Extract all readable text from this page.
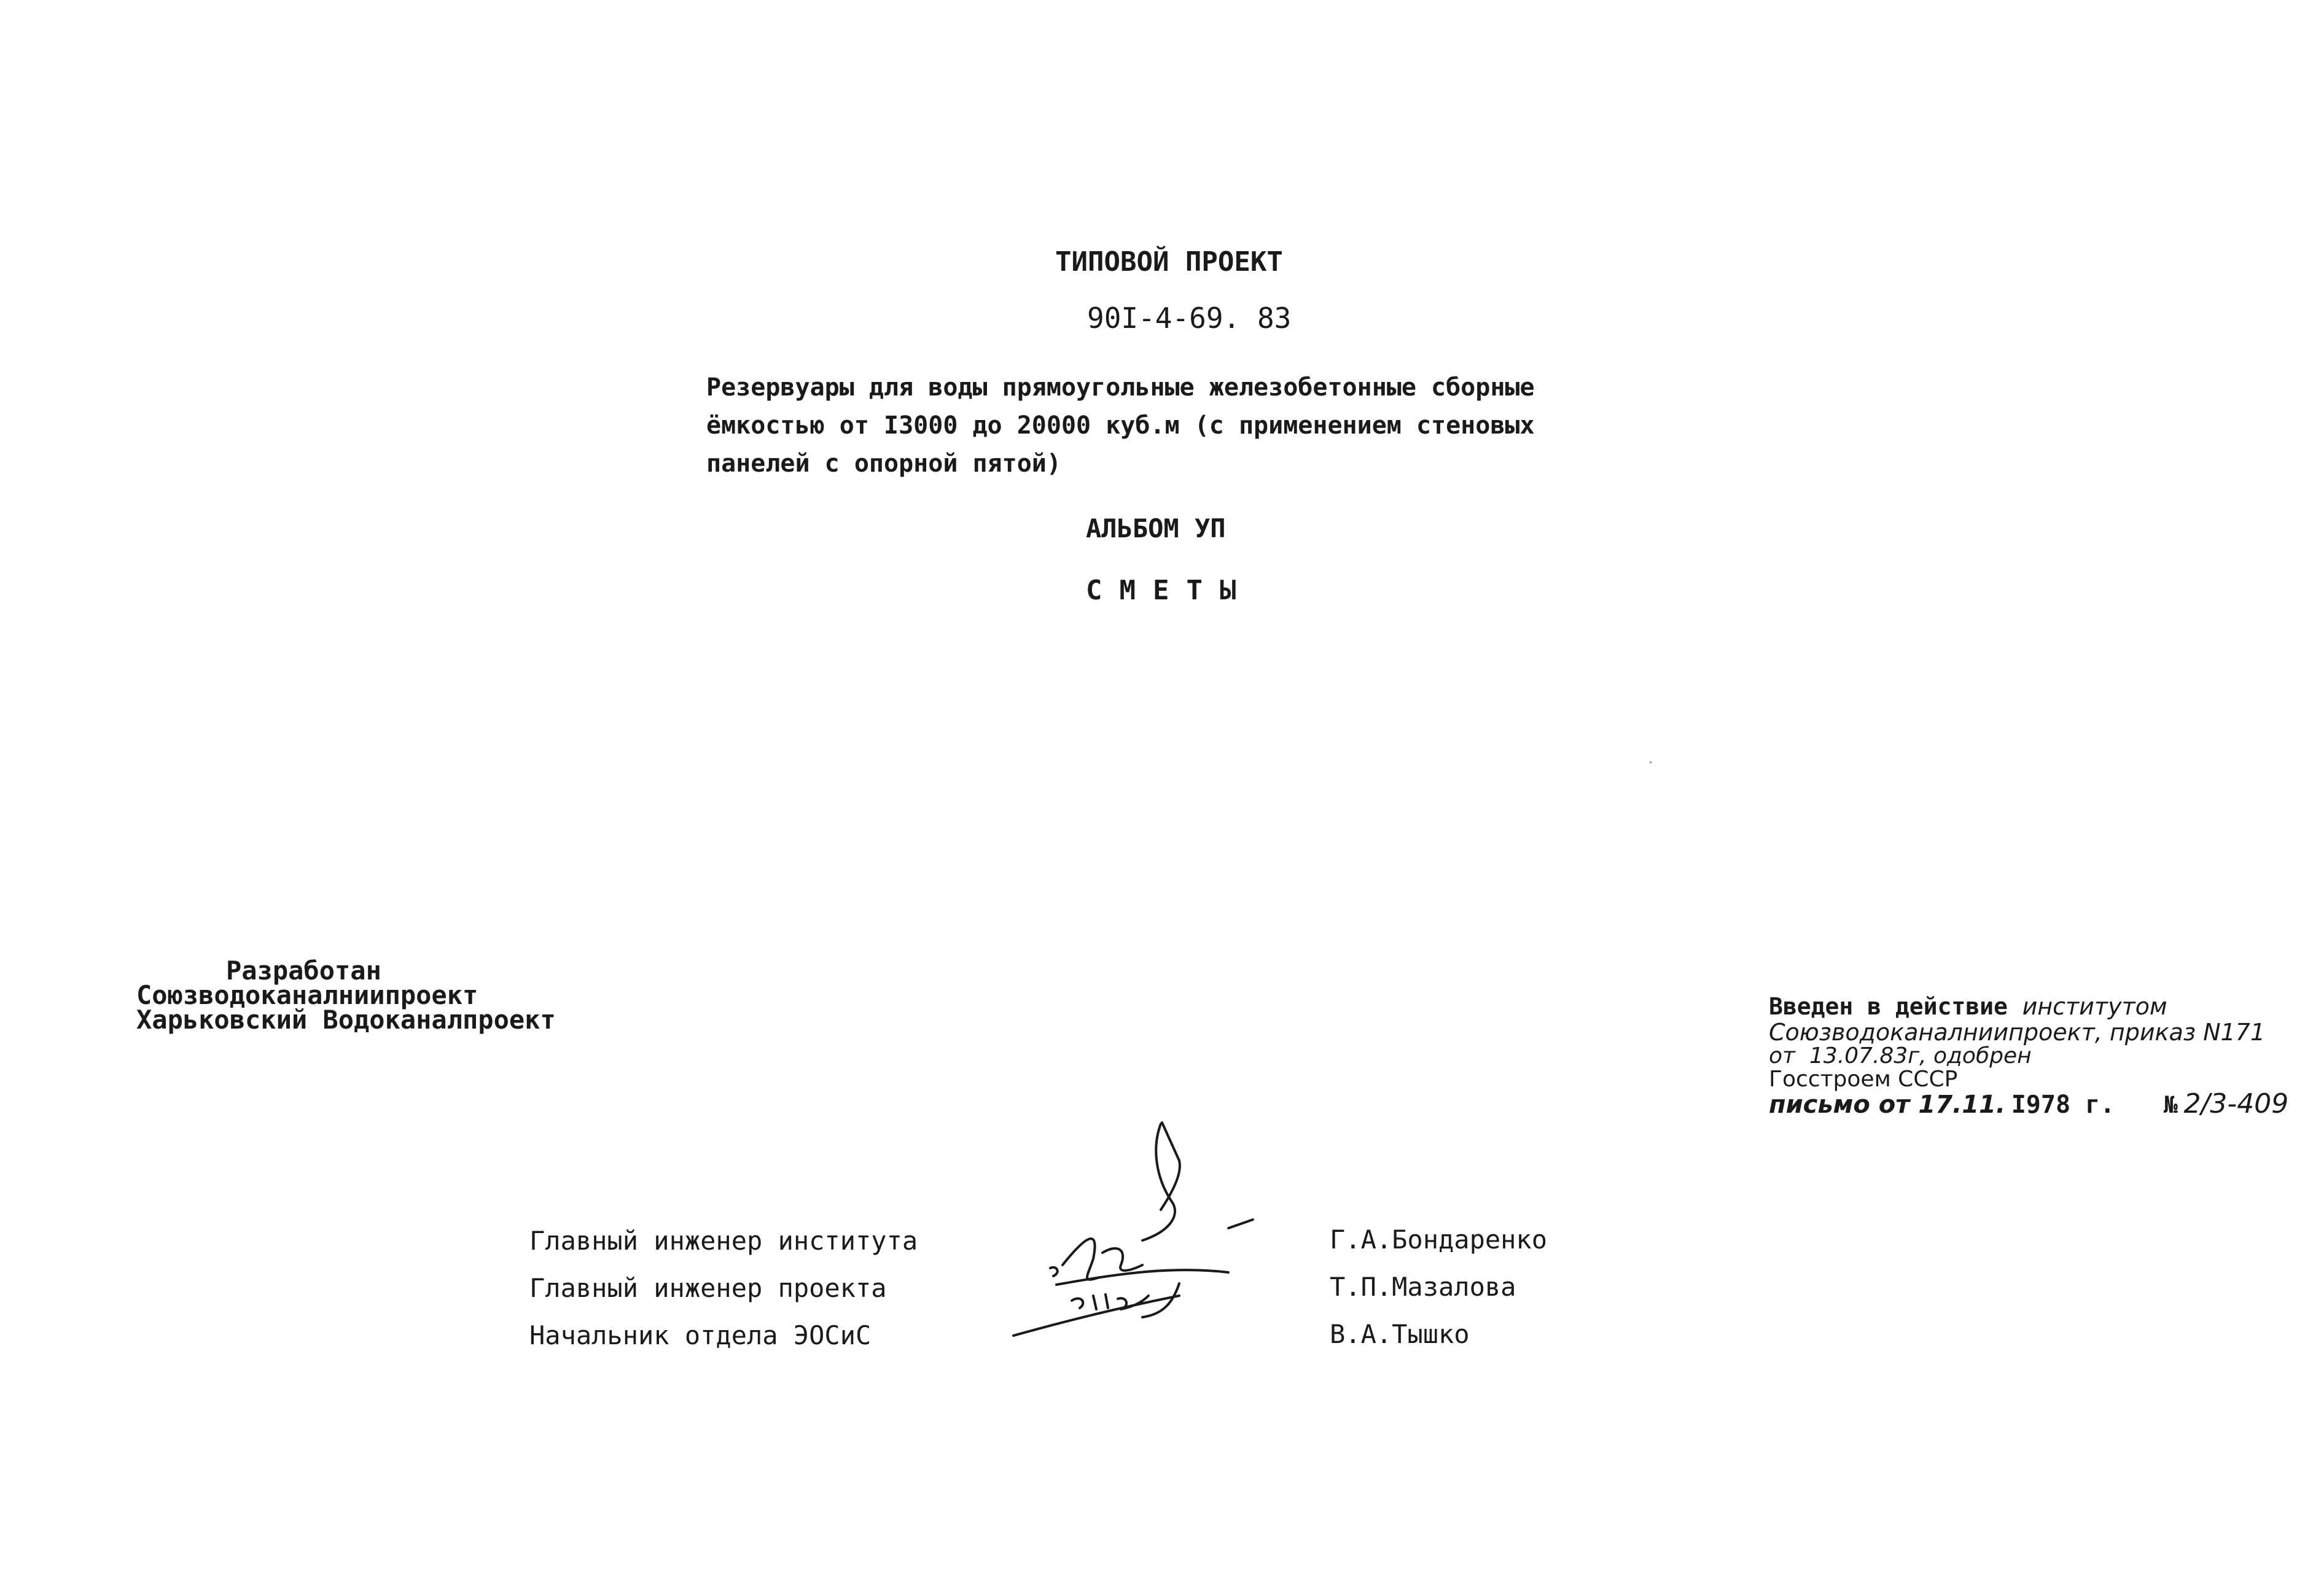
ТИПОВОЙ ПРОЕКТ
90I-4-69. 83
Резервуары для воды прямоугольные железобетонные сборные
ёмкостью от I3000 до 20000 куб.м (с применением стеновых
панелей с опорной пятой)
АЛЬБОМ УП
СМЕТЫ
Разработан
Союзводоканалниипроект
Харьковский Водоканалпроект	Введен в действие институтом
Союзводоканалниипроект, приказ N171
от  13.07.83г, одобрен
Госстроем СССР
письмо от 17.11. I978 г. № 2/3-409
Главный инженер института
Главный инженер проекта
Начальник отдела ЭОСиС
Г.А.Бондаренко
Т.П.Мазалова
В.А.Тышко
